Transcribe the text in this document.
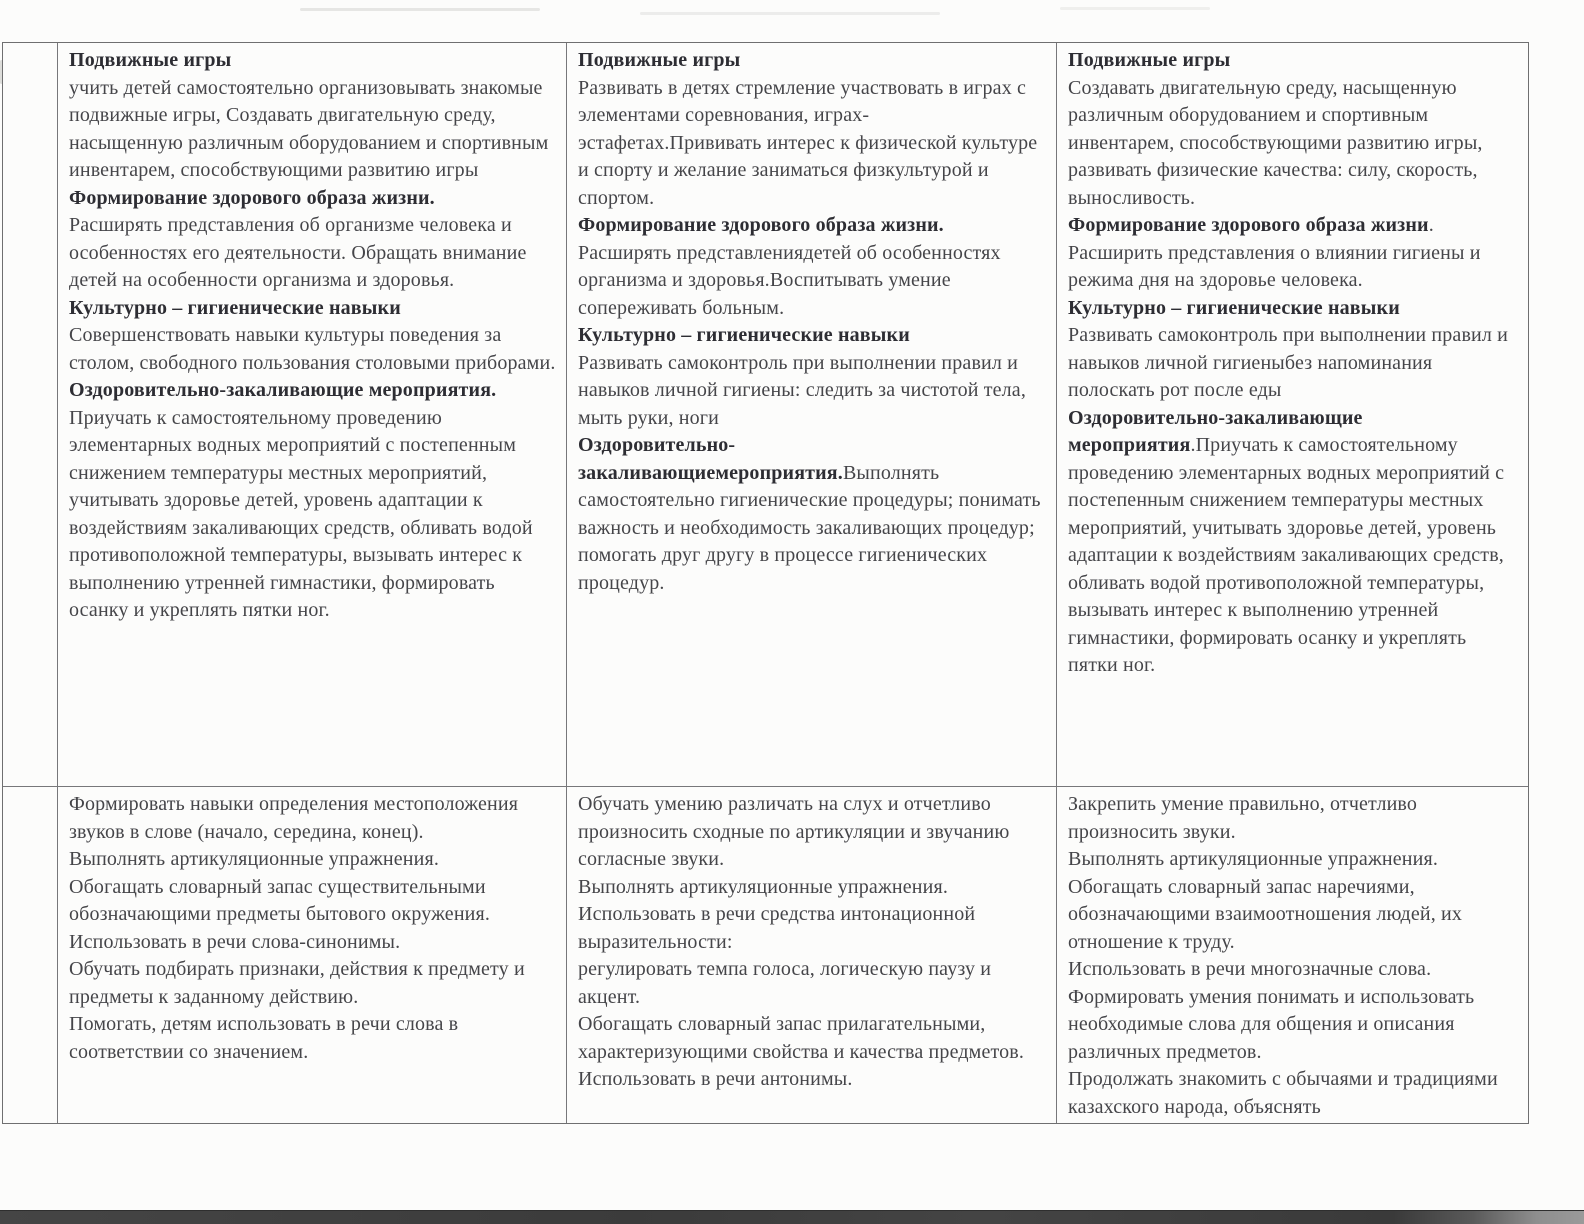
Подвижные игры

учить детей самостоятельно организовывать знакомые подвижные игры, Создавать двигательную среду, насыщенную различным оборудованием и спортивным инвентарем, способствующими развитию игры

Формирование здорового образа жизни.

Расширять представления об организме человека и особенностях его деятельности. Обращать внимание детей на особенности организма и здоровья.

Культурно – гигиенические навыки

Совершенствовать навыки культуры поведения за столом, свободного пользования столовыми приборами.

Оздоровительно-закаливающие мероприятия. Приучать к самостоятельному проведению элементарных водных мероприятий с постепенным снижением температуры местных мероприятий, учитывать здоровье детей, уровень адаптации к воздействиям закаливающих средств, обливать водой противоположной температуры, вызывать интерес к выполнению утренней гимнастики, формировать осанку и укреплять пятки ног.

Подвижные игры

Развивать в детях стремление участвовать в играх с элементами соревнования, играх-эстафетах.Прививать интерес к физической культуре и спорту и желание заниматься физкультурой и спортом.

Формирование здорового образа жизни.

Расширять представлениядетей об особенностях организма и здоровья.Воспитывать умение сопереживать больным.

Культурно – гигиенические навыки

Развивать самоконтроль при выполнении правил и навыков личной гигиены: следить за чистотой тела, мыть руки, ноги

Оздоровительно-закаливающиемероприятия.Выполнять самостоятельно гигиенические процедуры; понимать важность и необходимость закаливающих процедур;

помогать друг другу в процессе гигиенических процедур.

Подвижные игры

Создавать двигательную среду, насыщенную различным оборудованием и спортивным инвентарем, способствующими развитию игры, развивать физические качества: силу, скорость, выносливость.

Формирование здорового образа жизни.

Расширить представления о влиянии гигиены и режима дня на здоровье человека.

Культурно – гигиенические навыки

Развивать самоконтроль при выполнении правил и навыков личной гигиеныбез напоминания полоскать рот после еды

Оздоровительно-закаливающие мероприятия.Приучать к самостоятельному проведению элементарных водных мероприятий с постепенным снижением температуры местных мероприятий, учитывать здоровье детей, уровень адаптации к воздействиям закаливающих средств, обливать водой противоположной температуры, вызывать интерес к выполнению утренней гимнастики, формировать осанку и укреплять пятки ног.

Формировать навыки определения местоположения звуков в слове (начало, середина, конец).

Выполнять артикуляционные упражнения.

Обогащать словарный запас существительными обозначающими предметы бытового окружения.

Использовать в речи слова-синонимы.

Обучать подбирать признаки, действия к предмету и предметы к заданному действию.

Помогать, детям использовать в речи слова в соответствии со значением.

Обучать умению различать на слух и отчетливо произносить сходные по артикуляции и звучанию согласные звуки.

Выполнять артикуляционные упражнения.

Использовать в речи средства интонационной выразительности:

регулировать темпа голоса, логическую паузу и акцент.

Обогащать словарный запас прилагательными, характеризующими свойства и качества предметов.

Использовать в речи антонимы.

Закрепить умение правильно, отчетливо произносить звуки.

Выполнять артикуляционные упражнения.

Обогащать словарный запас наречиями, обозначающими взаимоотношения людей, их отношение к труду.

Использовать в речи многозначные слова.

Формировать умения понимать и использовать необходимые слова для общения и описания различных предметов.

Продолжать знакомить с обычаями и традициями казахского народа, объяснять
